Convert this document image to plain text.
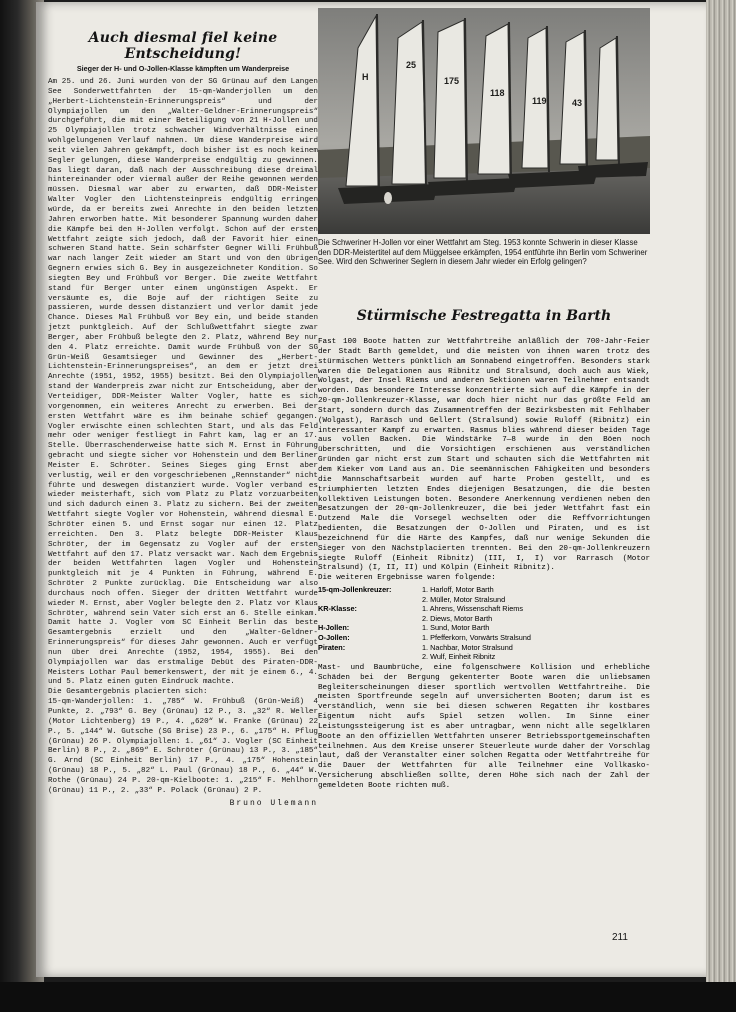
Auch diesmal fiel keine Entscheidung!
Sieger der H- und O-Jollen-Klasse kämpften um Wanderpreise

Am 25. und 26. Juni wurden von der SG Grünau auf dem Langen See Sonderwettfahrten der 15-qm-Wanderjollen um den „Herbert-Lichtenstein-Erinnerungspreis“ und der Olympiajollen um den „Walter-Geldner-Erinnerungspreis“ durchgeführt, die mit einer Beteiligung von 21 H-Jollen und 25 Olympiajollen trotz schwacher Windverhältnisse einen wohlgelungenen Verlauf nahmen. Um diese Wanderpreise wird seit vielen Jahren gekämpft, doch bisher ist es noch keinem Segler gelungen, diese Wanderpreise endgültig zu gewinnen. Das liegt daran, daß nach der Ausschreibung diese dreimal hintereinander oder viermal außer der Reihe gewonnen werden müssen. Diesmal war aber zu erwarten, daß DDR-Meister Walter Vogler den Lichtensteinpreis endgültig erringen würde, da er bereits zwei Anrechte in den beiden letzten Jahren erworben hatte. Mit besonderer Spannung wurden daher die Kämpfe bei den H-Jollen verfolgt. Schon auf der ersten Wettfahrt zeigte sich jedoch, daß der Favorit hier einen schweren Stand hatte. Sein schärfster Gegner Willi Frühbuß war nach langer Zeit wieder am Start und von den übrigen Gegnern erwies sich G. Bey in ausgezeichneter Kondition. So siegten Bey und Frühbuß vor Berger. Die zweite Wettfahrt stand für Berger unter einem ungünstigen Aspekt. Er versäumte es, die Boje auf der richtigen Seite zu passieren, wurde dessen distanziert und verlor damit jede Chance. Dieses Mal Frühbuß vor Bey ein, und beide standen jetzt punktgleich. Auf der Schlußwettfahrt siegte zwar Berger, aber Frühbuß belegte den 2. Platz, während Bey nur den 4. Platz erreichte. Damit wurde Frühbuß von der SG Grün-Weiß Gesamtsieger und Gewinner des „Herbert-Lichtenstein-Erinnerungspreises“, an dem er jetzt drei Anrechte (1951, 1952, 1955) besitzt. Bei den Olympiajollen stand der Wanderpreis zwar nicht zur Entscheidung, aber der Verteidiger, DDR-Meister Walter Vogler, hatte es sich vorgenommen, ein weiteres Anrecht zu erwerben. Bei der ersten Wettfahrt wäre es ihm beinahe schief gegangen. Vogler erwischte einen schlechten Start, und als das Feld mehr oder weniger festliegt in Fahrt kam, lag er an 17. Stelle. Überraschenderweise hatte sich M. Ernst in Führung gebracht und siegte sicher vor Hohenstein und dem Berliner Meister E. Schröter. Seines Sieges ging Ernst aber verlustig, weil er den vorgeschriebenen „Rennstander“ nicht führte und deswegen distanziert wurde. Vogler verband es wieder meisterhaft, sich vom Platz zu Platz vorzuarbeiten und sich dadurch einen 3. Platz zu sichern. Bei der zweiten Wettfahrt siegte Vogler vor Hohenstein, während diesmal E. Schröter einen 5. und Ernst sogar nur einen 12. Platz erreichten. Den 3. Platz belegte DDR-Meister Klaus Schröter, der im Gegensatz zu Vogler auf der ersten Wettfahrt auf den 17. Platz versackt war. Nach dem Ergebnis der beiden Wettfahrten lagen Vogler und Hohenstein punktgleich mit je 4 Punkten in Führung, während E. Schröter 2 Punkte zurücklag. Die Entscheidung war also durchaus noch offen. Sieger der dritten Wettfahrt wurde wieder M. Ernst, aber Vogler belegte den 2. Platz vor Klaus Schröter, während sein Vater sich erst an 6. Stelle einkam. Damit hatte J. Vogler vom SC Einheit Berlin das beste Gesamtergebnis erzielt und den „Walter-Geldner-Erinnerungspreis“ für dieses Jahr gewonnen. Auch er verfügt nun über drei Anrechte (1952, 1954, 1955). Bei den Olympiajollen war das erstmalige Debüt des Piraten-DDR-Meisters Lothar Paul bemerkenswert, der mit je einem 6., 4. und 5. Platz einen guten Eindruck machte.

Die Gesamtergebnis placierten sich:

15-qm-Wanderjollen: 1. „785“ W. Frühbuß (Grün-Weiß) 4 Punkte, 2. „793“ G. Bey (Grünau) 12 P., 3. „32“ R. Weller (Motor Lichtenberg) 19 P., 4. „620“ W. Franke (Grünau) 22 P., 5. „144“ W. Gutsche (SG Brise) 23 P., 6. „175“ H. Pflug (Grünau) 26 P. Olympiajollen: 1. „61“ J. Vogler (SC Einheit Berlin) 8 P., 2. „869“ E. Schröter (Grünau) 13 P., 3. „185“ G. Arnd (SC Einheit Berlin) 17 P., 4. „175“ Hohenstein (Grünau) 18 P., 5. „82“ L. Paul (Grünau) 18 P., 6. „44“ W. Rothe (Grünau) 24 P. 20-qm-Kielboote: 1. „215“ F. Mehlhorn (Grünau) 11 P., 2. „33“ P. Polack (Grünau) 2 P.

Bruno Ulemann
H
25
175
118
119	43

Die Schweriner H-Jollen vor einer Wettfahrt am Steg. 1953 konnte Schwerin in dieser Klasse den DDR-Meistertitel auf dem Müggelsee erkämpfen, 1954 entführte ihn Berlin vom Schweriner See. Wird den Schweriner Seglern in diesem Jahr wieder ein Erfolg gelingen?

Stürmische Festregatta in Barth

Fast 100 Boote hatten zur Wettfahrtreihe anläßlich der 700-Jahr-Feier der Stadt Barth gemeldet, und die meisten von ihnen waren trotz des stürmischen Wetters pünktlich am Sonnabend eingetroffen. Besonders stark waren die Delegationen aus Ribnitz und Stralsund, doch auch aus Wiek, Wolgast, der Insel Riems und anderen Sektionen waren Teilnehmer entsandt worden. Das besondere Interesse konzentrierte sich auf die Kämpfe in der 20-qm-Jollenkreuzer-Klasse, war doch hier nicht nur das größte Feld am Start, sondern durch das Zusammentreffen der Bezirksbesten mit Fehlhaber (Wolgast), Raräsch und Gellert (Stralsund) sowie Ruloff (Ribnitz) ein interessanter Kampf zu erwarten. Rasmus blies während dieser beiden Tage aus vollen Backen. Die Windstärke 7—8 wurde in den Böen noch überschritten, und die Vorsichtigen erschienen aus verständlichen Gründen gar nicht erst zum Start und schauten sich die Wettfahrten mit dem Kieker vom Land aus an. Die seemännischen Fähigkeiten und besonders die Mannschaftsarbeit wurden auf harte Proben gestellt, und es triumphierten letzten Endes diejenigen Besatzungen, die die besten kollektiven Leistungen boten. Besondere Anerkennung verdienen neben den Besatzungen der 20-qm-Jollenkreuzer, die bei jeder Wettfahrt fast ein Dutzend Male die Vorsegel wechselten oder die Reffvorrichtungen bedienten, die Besatzungen der O-Jollen und Piraten, und es ist bezeichnend für die Härte des Kampfes, daß nur wenige Sekunden die Sieger von den Nächstplacierten trennten. Bei den 20-qm-Jollenkreuzern siegte Ruloff (Einheit Ribnitz) (III, I, I) vor Rarrasch (Motor Stralsund) (I, II, II) und Kölpin (Einheit Ribnitz).

Die weiteren Ergebnisse waren folgende:

15-qm-Jollenkreuzer:	1. Harloff, Motor Barth
2. Müller, Motor Stralsund
KR-Klasse:	1. Ahrens, Wissenschaft Riems
2. Diews, Motor Barth
H-Jollen:	1. Sund, Motor Barth
O-Jollen:	1. Pfefferkorn, Vorwärts Stralsund
Piraten:	1. Nachbar, Motor Stralsund
2. Wulf, Einheit Ribnitz

Mast- und Baumbrüche, eine folgenschwere Kollision und erhebliche Schäden bei der Bergung gekenterter Boote waren die unliebsamen Begleiterscheinungen dieser sportlich wertvollen Wettfahrtreihe. Die meisten Sportfreunde segeln auf unversicherten Booten; darum ist es verständlich, wenn sie bei diesen schweren Regatten ihr kostbares Eigentum nicht aufs Spiel setzen wollen. Im Sinne einer Leistungssteigerung ist es aber untragbar, wenn nicht alle segelklaren Boote an den offiziellen Wettfahrten unserer Betriebssportgemeinschaften teilnehmen. Aus dem Kreise unserer Steuerleute wurde daher der Vorschlag laut, daß der Veranstalter einer solchen Regatta oder Wettfahrtreihe für die Dauer der Wettfahrten für alle Teilnehmer eine Vollkasko-Versicherung abschließen sollte, deren Höhe sich nach der Zahl der gemeldeten Boote richten muß.

211
